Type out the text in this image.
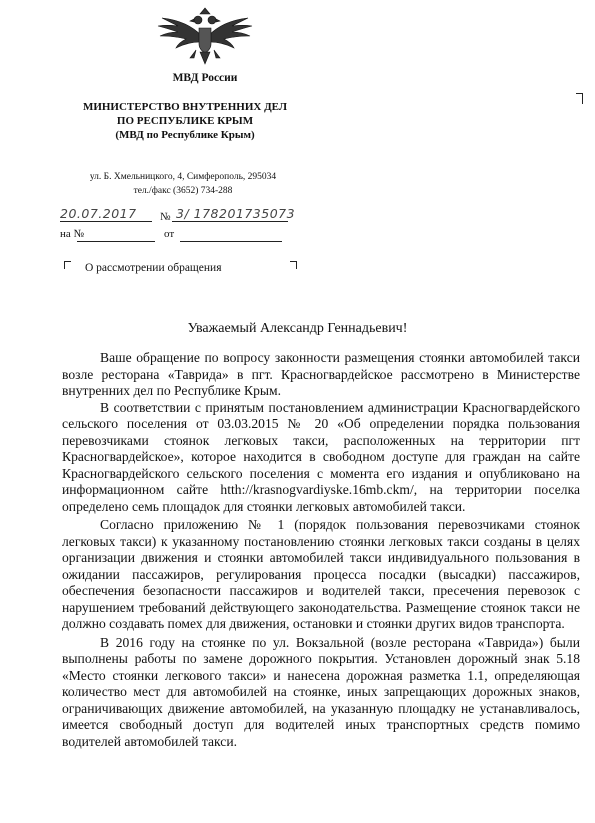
МВД России
МИНИСТЕРСТВО ВНУТРЕННИХ ДЕЛ
ПО РЕСПУБЛИКЕ КРЫМ
(МВД по Республике Крым)
ул. Б. Хмельницкого, 4, Симферополь, 295034
тел./факс (3652) 734-288
20.07.2017 № 3/ 178201735073
на №	от
О рассмотрении обращения
Уважаемый Александр Геннадьевич!

Ваше обращение по вопросу законности размещения стоянки автомобилей такси возле ресторана «Таврида» в пгт. Красногвардейское рассмотрено в Министерстве внутренних дел по Республике Крым.

В соответствии с принятым постановлением администрации Красногвардейского сельского поселения от 03.03.2015 № 20 «Об определении порядка пользования перевозчиками стоянок легковых такси, расположенных на территории пгт Красногвардейское», которое находится в свободном доступе для граждан на сайте Красногвардейского сельского поселения с момента его издания и опубликовано на информационном сайте htth://krasnogvardiyske.16mb.ckm/, на территории поселка определено семь площадок для стоянки легковых автомобилей такси.

Согласно приложению № 1 (порядок пользования перевозчиками стоянок легковых такси) к указанному постановлению стоянки легковых такси созданы в целях организации движения и стоянки автомобилей такси индивидуального пользования в ожидании пассажиров, регулирования процесса посадки (высадки) пассажиров, обеспечения безопасности пассажиров и водителей такси, пресечения перевозок с нарушением требований действующего законодательства. Размещение стоянок такси не должно создавать помех для движения, остановки и стоянки других видов транспорта.

В 2016 году на стоянке по ул. Вокзальной (возле ресторана «Таврида») были выполнены работы по замене дорожного покрытия. Установлен дорожный знак 5.18 «Место стоянки легкового такси» и нанесена дорожная разметка 1.1, определяющая количество мест для автомобилей на стоянке, иных запрещающих дорожных знаков, ограничивающих движение автомобилей, на указанную площадку не устанавливалось, имеется свободный доступ для водителей иных транспортных средств помимо водителей автомобилей такси.
